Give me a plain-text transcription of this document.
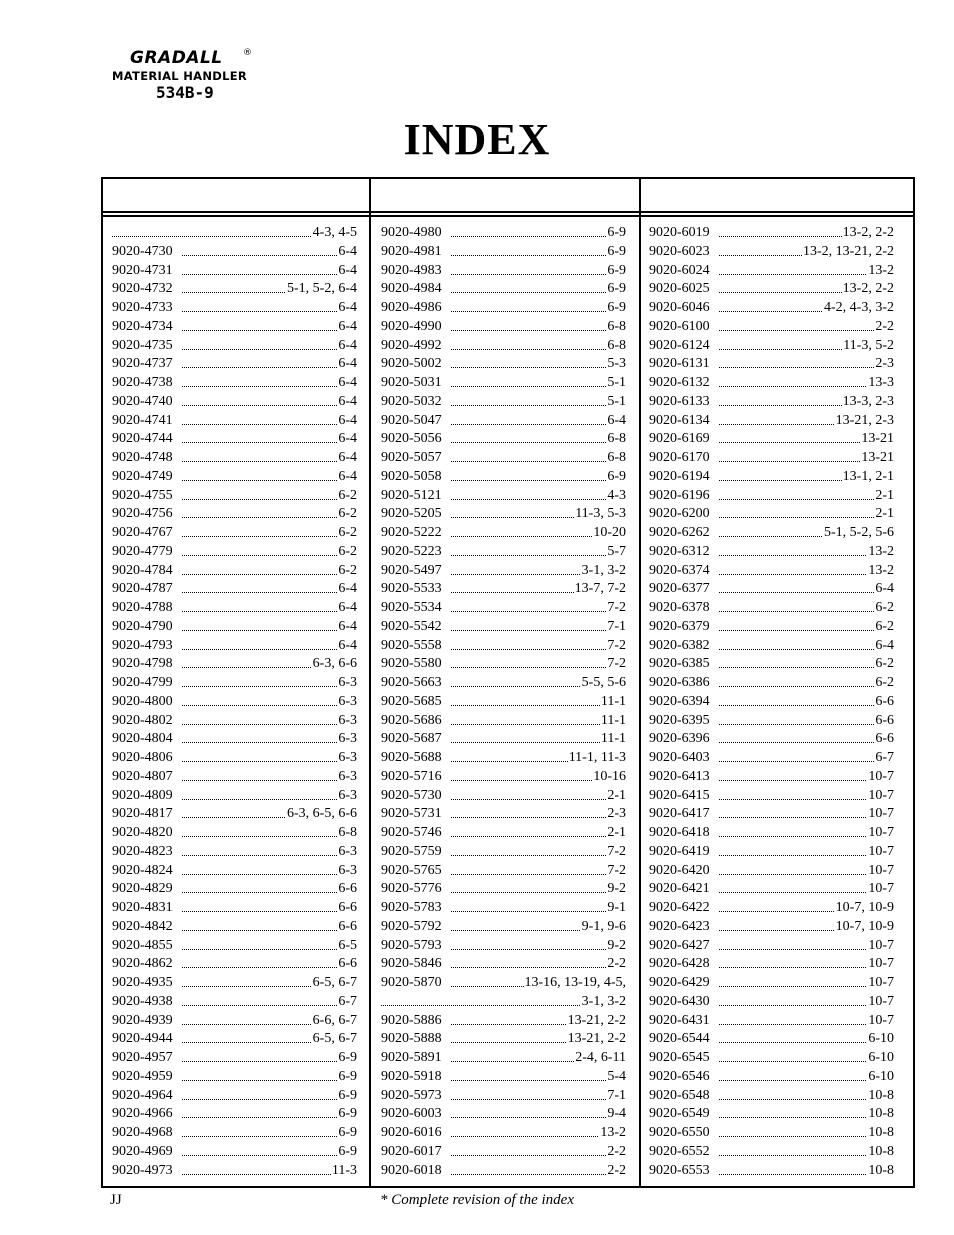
GRADALL ®
MATERIAL HANDLER
534B-9
INDEX
4-3, 4-5
9020-4730	6-4
9020-4731	6-4
9020-4732	5-1, 5-2, 6-4
9020-4733	6-4
9020-4734	6-4
9020-4735	6-4
9020-4737	6-4
9020-4738	6-4
9020-4740	6-4
9020-4741	6-4
9020-4744	6-4
9020-4748	6-4
9020-4749	6-4
9020-4755	6-2
9020-4756	6-2
9020-4767	6-2
9020-4779	6-2
9020-4784	6-2
9020-4787	6-4
9020-4788	6-4
9020-4790	6-4
9020-4793	6-4
9020-4798	6-3, 6-6
9020-4799	6-3
9020-4800	6-3
9020-4802	6-3
9020-4804	6-3
9020-4806	6-3
9020-4807	6-3
9020-4809	6-3
9020-4817	6-3, 6-5, 6-6
9020-4820	6-8
9020-4823	6-3
9020-4824	6-3
9020-4829	6-6
9020-4831	6-6
9020-4842	6-6
9020-4855	6-5
9020-4862	6-6
9020-4935	6-5, 6-7
9020-4938	6-7
9020-4939	6-6, 6-7
9020-4944	6-5, 6-7
9020-4957	6-9
9020-4959	6-9
9020-4964	6-9
9020-4966	6-9
9020-4968	6-9
9020-4969	6-9
9020-4973	11-3
9020-4980	6-9
9020-4981	6-9
9020-4983	6-9
9020-4984	6-9
9020-4986	6-9
9020-4990	6-8
9020-4992	6-8
9020-5002	5-3
9020-5031	5-1
9020-5032	5-1
9020-5047	6-4
9020-5056	6-8
9020-5057	6-8
9020-5058	6-9
9020-5121	4-3
9020-5205	11-3, 5-3
9020-5222	10-20
9020-5223	5-7
9020-5497	3-1, 3-2
9020-5533	13-7, 7-2
9020-5534	7-2
9020-5542	7-1
9020-5558	7-2
9020-5580	7-2
9020-5663	5-5, 5-6
9020-5685	11-1
9020-5686	11-1
9020-5687	11-1
9020-5688	11-1, 11-3
9020-5716	10-16
9020-5730	2-1
9020-5731	2-3
9020-5746	2-1
9020-5759	7-2
9020-5765	7-2
9020-5776	9-2
9020-5783	9-1
9020-5792	9-1, 9-6
9020-5793	9-2
9020-5846	2-2
9020-5870	13-16, 13-19, 4-5,
3-1, 3-2
9020-5886	13-21, 2-2
9020-5888	13-21, 2-2
9020-5891	2-4, 6-11
9020-5918	5-4
9020-5973	7-1
9020-6003	9-4
9020-6016	13-2
9020-6017	2-2
9020-6018	2-2
9020-6019	13-2, 2-2
9020-6023	13-2, 13-21, 2-2
9020-6024	13-2
9020-6025	13-2, 2-2
9020-6046	4-2, 4-3, 3-2
9020-6100	2-2
9020-6124	11-3, 5-2
9020-6131	2-3
9020-6132	13-3
9020-6133	13-3, 2-3
9020-6134	13-21, 2-3
9020-6169	13-21
9020-6170	13-21
9020-6194	13-1, 2-1
9020-6196	2-1
9020-6200	2-1
9020-6262	5-1, 5-2, 5-6
9020-6312	13-2
9020-6374	13-2
9020-6377	6-4
9020-6378	6-2
9020-6379	6-2
9020-6382	6-4
9020-6385	6-2
9020-6386	6-2
9020-6394	6-6
9020-6395	6-6
9020-6396	6-6
9020-6403	6-7
9020-6413	10-7
9020-6415	10-7
9020-6417	10-7
9020-6418	10-7
9020-6419	10-7
9020-6420	10-7
9020-6421	10-7
9020-6422	10-7, 10-9
9020-6423	10-7, 10-9
9020-6427	10-7
9020-6428	10-7
9020-6429	10-7
9020-6430	10-7
9020-6431	10-7
9020-6544	6-10
9020-6545	6-10
9020-6546	6-10
9020-6548	10-8
9020-6549	10-8
9020-6550	10-8
9020-6552	10-8
9020-6553	10-8
JJ	* Complete revision of the index
